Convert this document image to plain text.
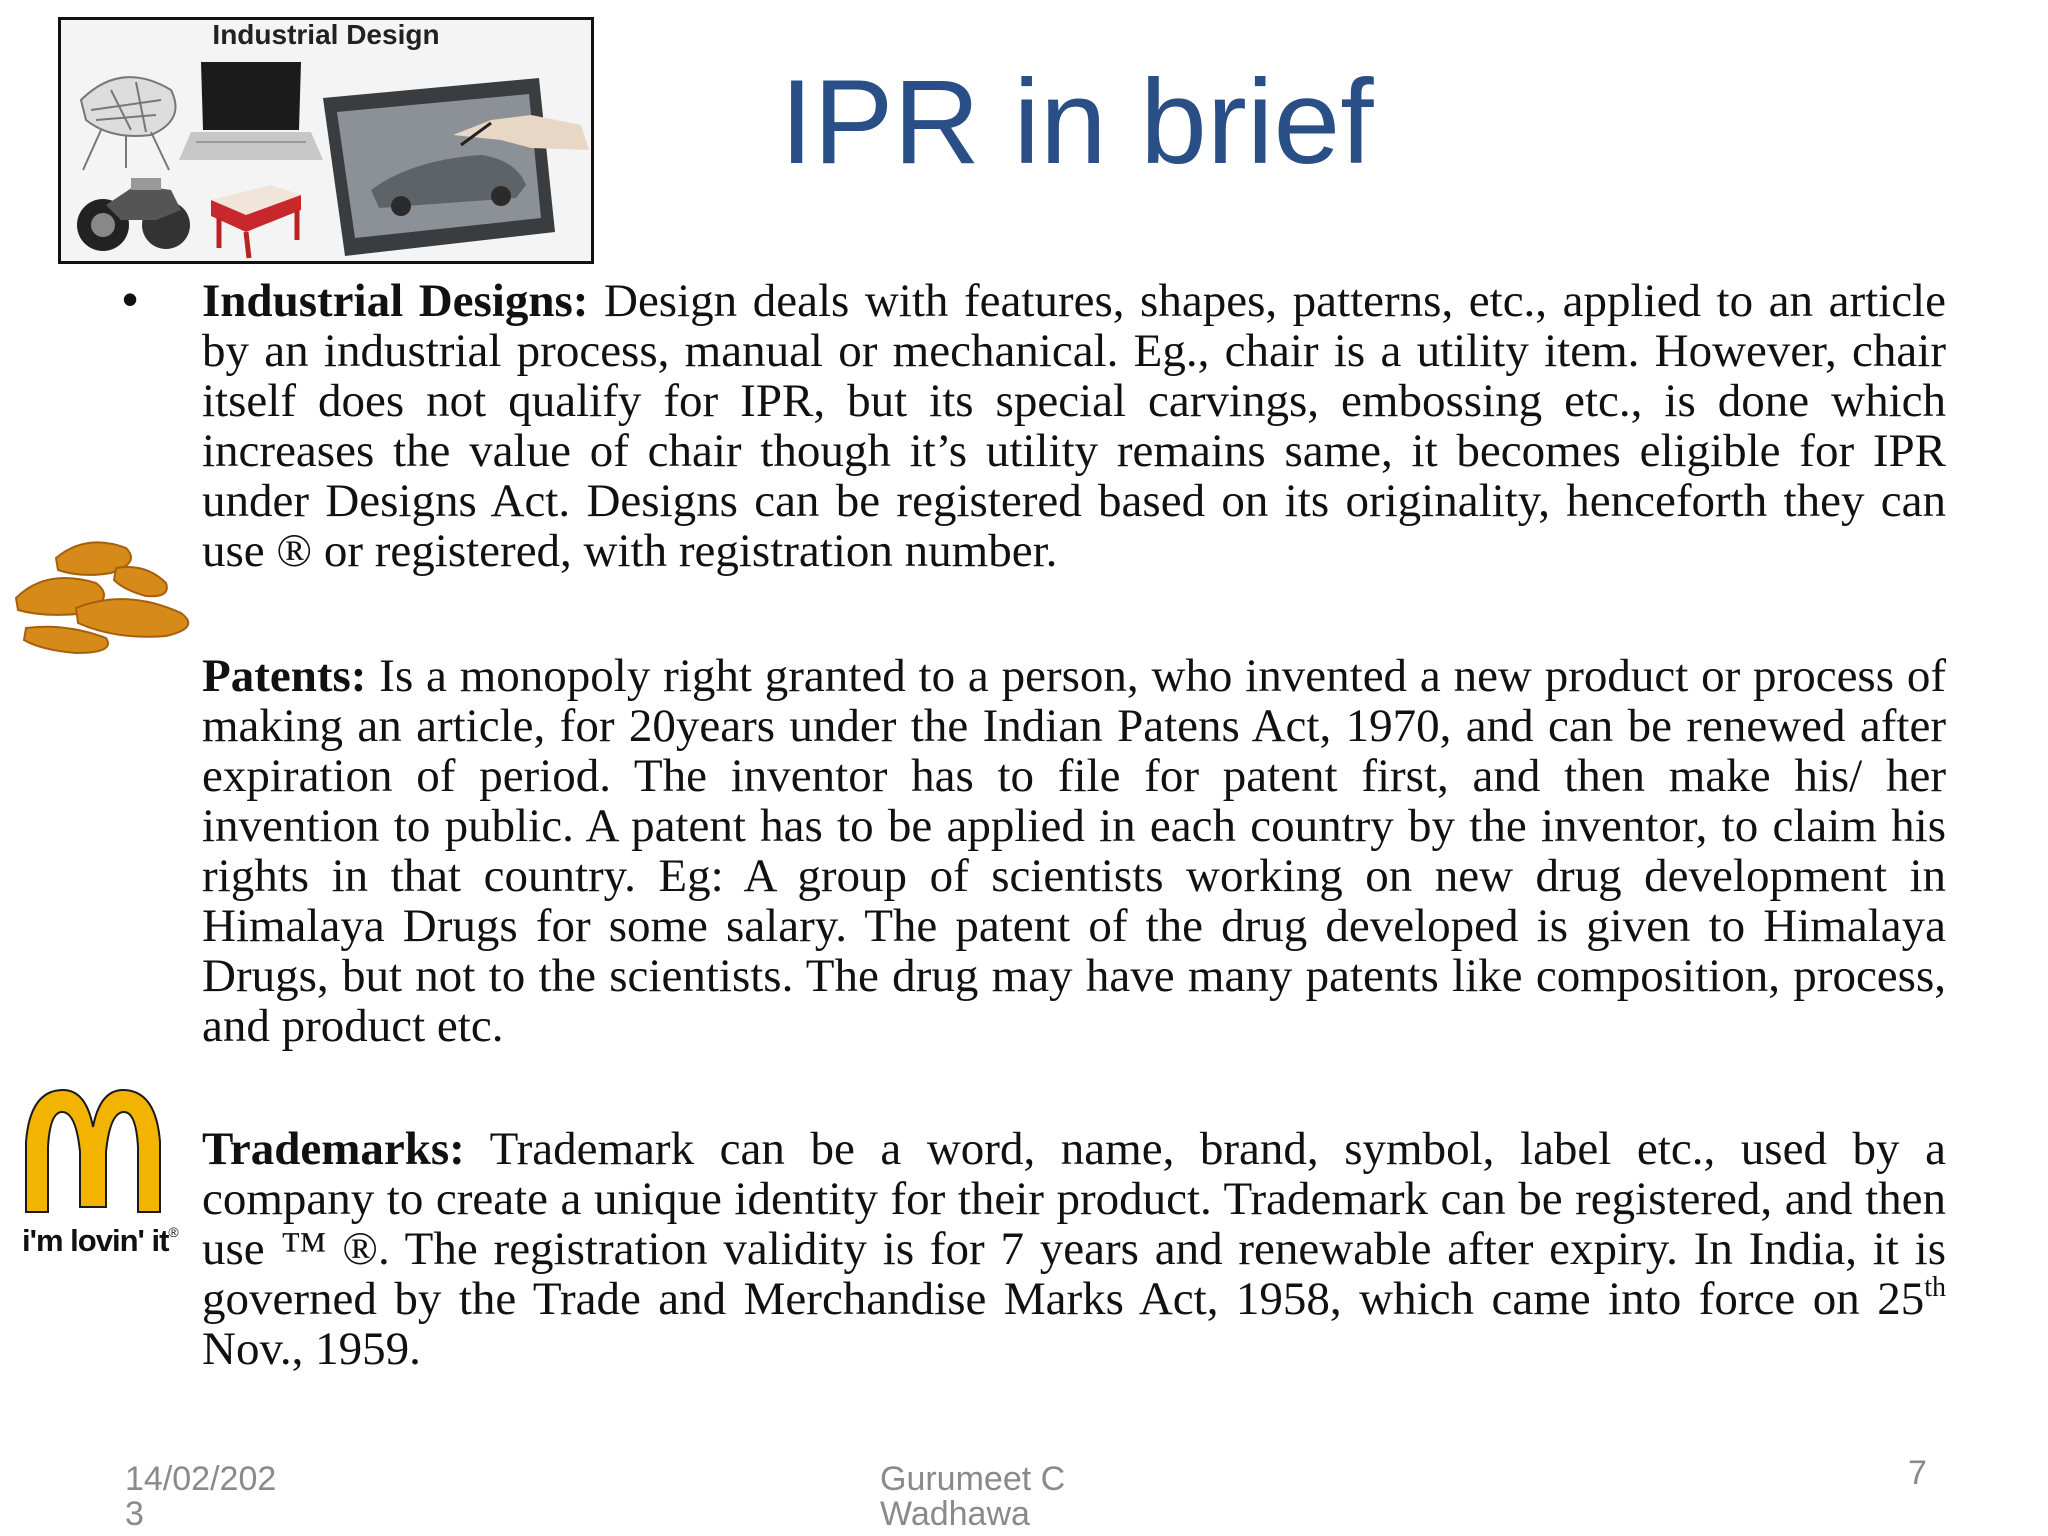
IPR in brief
Industrial Design
i'm lovin' it®
• Industrial Designs: Design deals with features, shapes, patterns, etc., applied to an article by an industrial process, manual or mechanical. Eg., chair is a utility item. However, chair itself does not qualify for IPR, but its special carvings, embossing etc., is done which increases the value of chair though it’s utility remains same, it becomes eligible for IPR under Designs Act. Designs can be registered based on its originality, henceforth they can use ® or registered, with registration number.

Patents: Is a monopoly right granted to a person, who invented a new product or process of making an article, for 20years under the Indian Patens Act, 1970, and can be renewed after expiration of period. The inventor has to file for patent first, and then make his/ her invention to public. A patent has to be applied in each country by the inventor, to claim his rights in that country. Eg: A group of scientists working on new drug development in Himalaya Drugs for some salary. The patent of the drug developed is given to Himalaya Drugs, but not to the scientists. The drug may have many patents like composition, process, and product etc.

Trademarks: Trademark can be a word, name, brand, symbol, label etc., used by a company to create a unique identity for their product. Trademark can be registered, and then use ™ ®. The registration validity is for 7 years and renewable after expiry. In India, it is governed by the Trade and Merchandise Marks Act, 1958, which came into force on 25th Nov., 1959.

14/02/2023
Gurumeet C Wadhawa
7
